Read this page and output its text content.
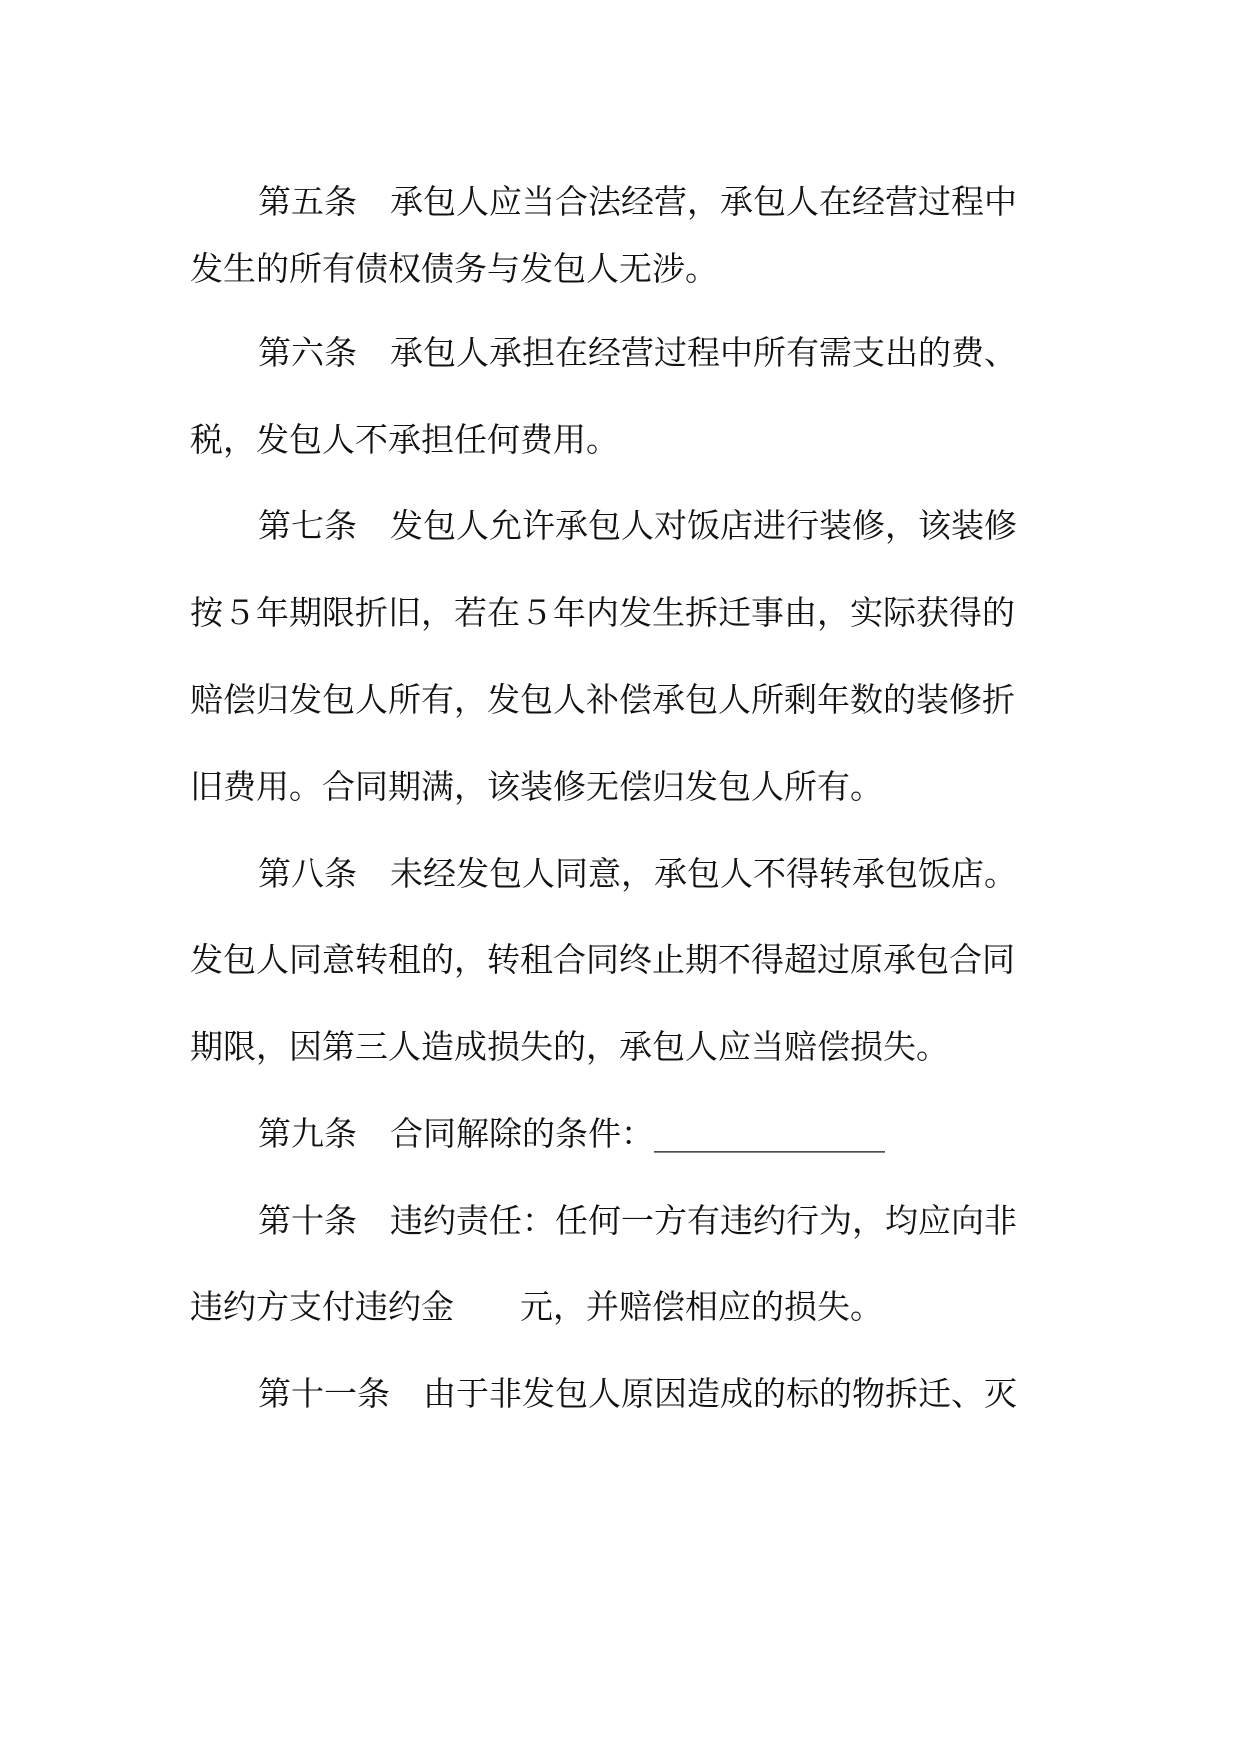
第五条　承包人应当合法经营，承包人在经营过程中

发生的所有债权债务与发包人无涉。

第六条　承包人承担在经营过程中所有需支出的费、

税，发包人不承担任何费用。

第七条　发包人允许承包人对饭店进行装修，该装修

按５年期限折旧，若在５年内发生拆迁事由，实际获得的

赔偿归发包人所有，发包人补偿承包人所剩年数的装修折

旧费用。合同期满，该装修无偿归发包人所有。

第八条　未经发包人同意，承包人不得转承包饭店。

发包人同意转租的，转租合同终止期不得超过原承包合同

期限，因第三人造成损失的，承包人应当赔偿损失。

第九条　合同解除的条件：______________

第十条　违约责任：任何一方有违约行为，均应向非

违约方支付违约金　　元，并赔偿相应的损失。

第十一条　由于非发包人原因造成的标的物拆迁、灭
